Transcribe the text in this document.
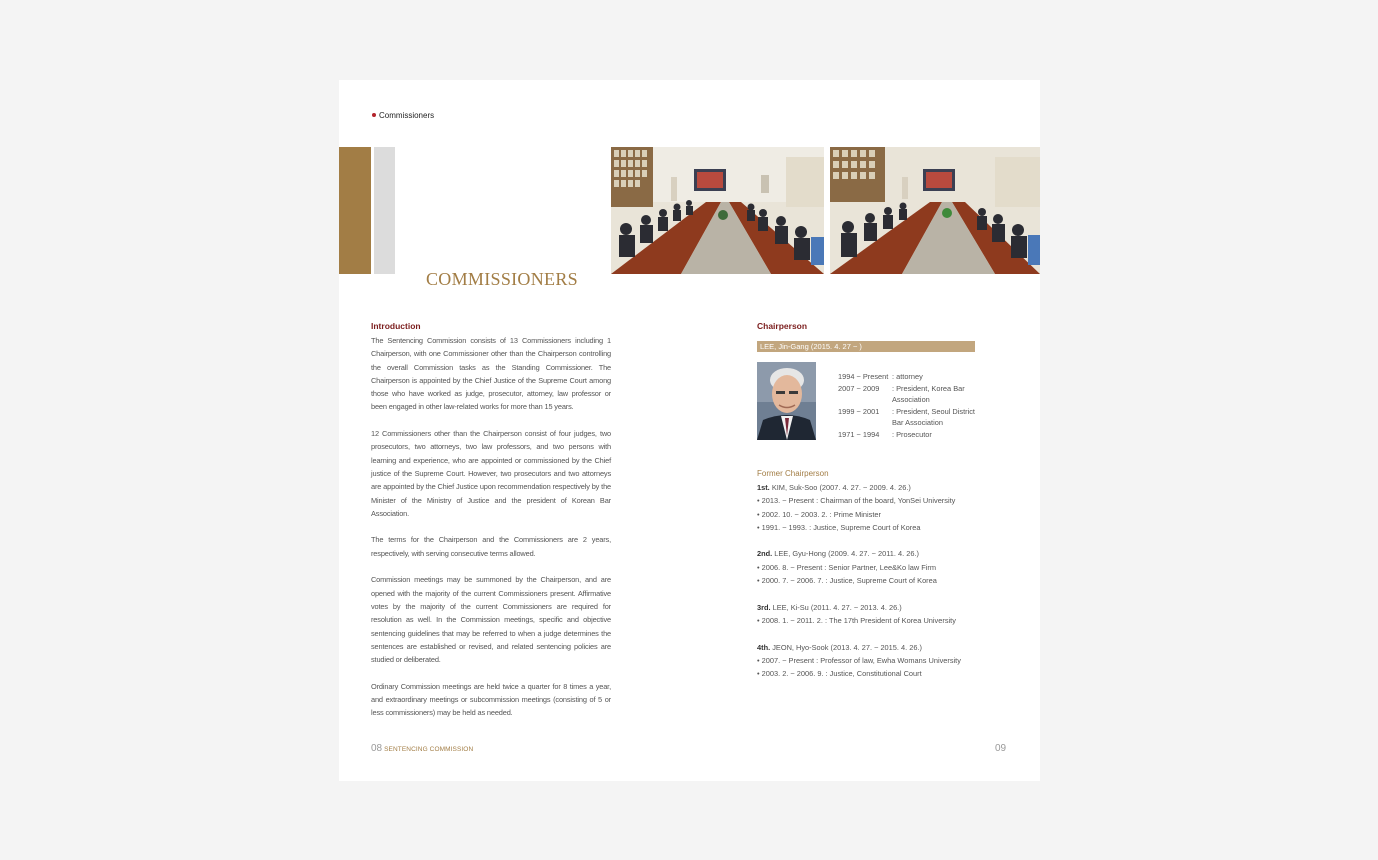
Commissioners
COMMISSIONERS
Introduction

The Sentencing Commission consists of 13 Commissioners including 1 Chairperson, with one Commissioner other than the Chairperson controlling the overall Commission tasks as the Standing Commissioner. The Chairperson is appointed by the Chief Justice of the Supreme Court among those who have worked as judge, prosecutor, attorney, law professor or been engaged in other law-related works for more than 15 years.

12 Commissioners other than the Chairperson consist of four judges, two prosecutors, two attorneys, two law professors, and two persons with learning and experience, who are appointed or commissioned by the Chief justice of the Supreme Court. However, two prosecutors and two attorneys are appointed by the Chief Justice upon recommendation respectively by the Minister of the Ministry of Justice and the president of Korean Bar Association.

The terms for the Chairperson and the Commissioners are 2 years, respectively, with serving consecutive terms allowed.

Commission meetings may be summoned by the Chairperson, and are opened with the majority of the current Commissioners present. Affirmative votes by the majority of the current Commissioners are required for resolution as well. In the Commission meetings, specific and objective sentencing guidelines that may be referred to when a judge determines the sentences are established or revised, and related sentencing policies are studied or deliberated.

Ordinary Commission meetings are held twice a quarter for 8 times a year, and extraordinary meetings or subcommission meetings (consisting of 5 or less commissioners) may be held as needed.

Chairperson
LEE, Jin-Gang (2015. 4. 27 ~ )
1994 ~ Present : attorney
2007 ~ 2009	: President, Korea Bar Association
1999 ~ 2001	: President, Seoul District Bar Association
1971 ~ 1994	: Prosecutor
Former Chairperson
1st. KIM, Suk-Soo (2007. 4. 27. ~ 2009. 4. 26.)
• 2013. ~ Present : Chairman of the board, YonSei University
• 2002. 10. ~ 2003. 2. : Prime Minister
• 1991. ~ 1993. : Justice, Supreme Court of Korea
2nd. LEE, Gyu-Hong (2009. 4. 27. ~ 2011. 4. 26.)
• 2006. 8. ~ Present : Senior Partner, Lee&Ko law Firm
• 2000. 7. ~ 2006. 7. : Justice, Supreme Court of Korea
3rd. LEE, Ki-Su (2011. 4. 27. ~ 2013. 4. 26.)
• 2008. 1. ~ 2011. 2. : The 17th President of Korea University
4th. JEON, Hyo-Sook (2013. 4. 27. ~ 2015. 4. 26.)
• 2007. ~ Present : Professor of law, Ewha Womans University
• 2003. 2. ~ 2006. 9. : Justice, Constitutional Court
08 SENTENCING COMMISSION	09
